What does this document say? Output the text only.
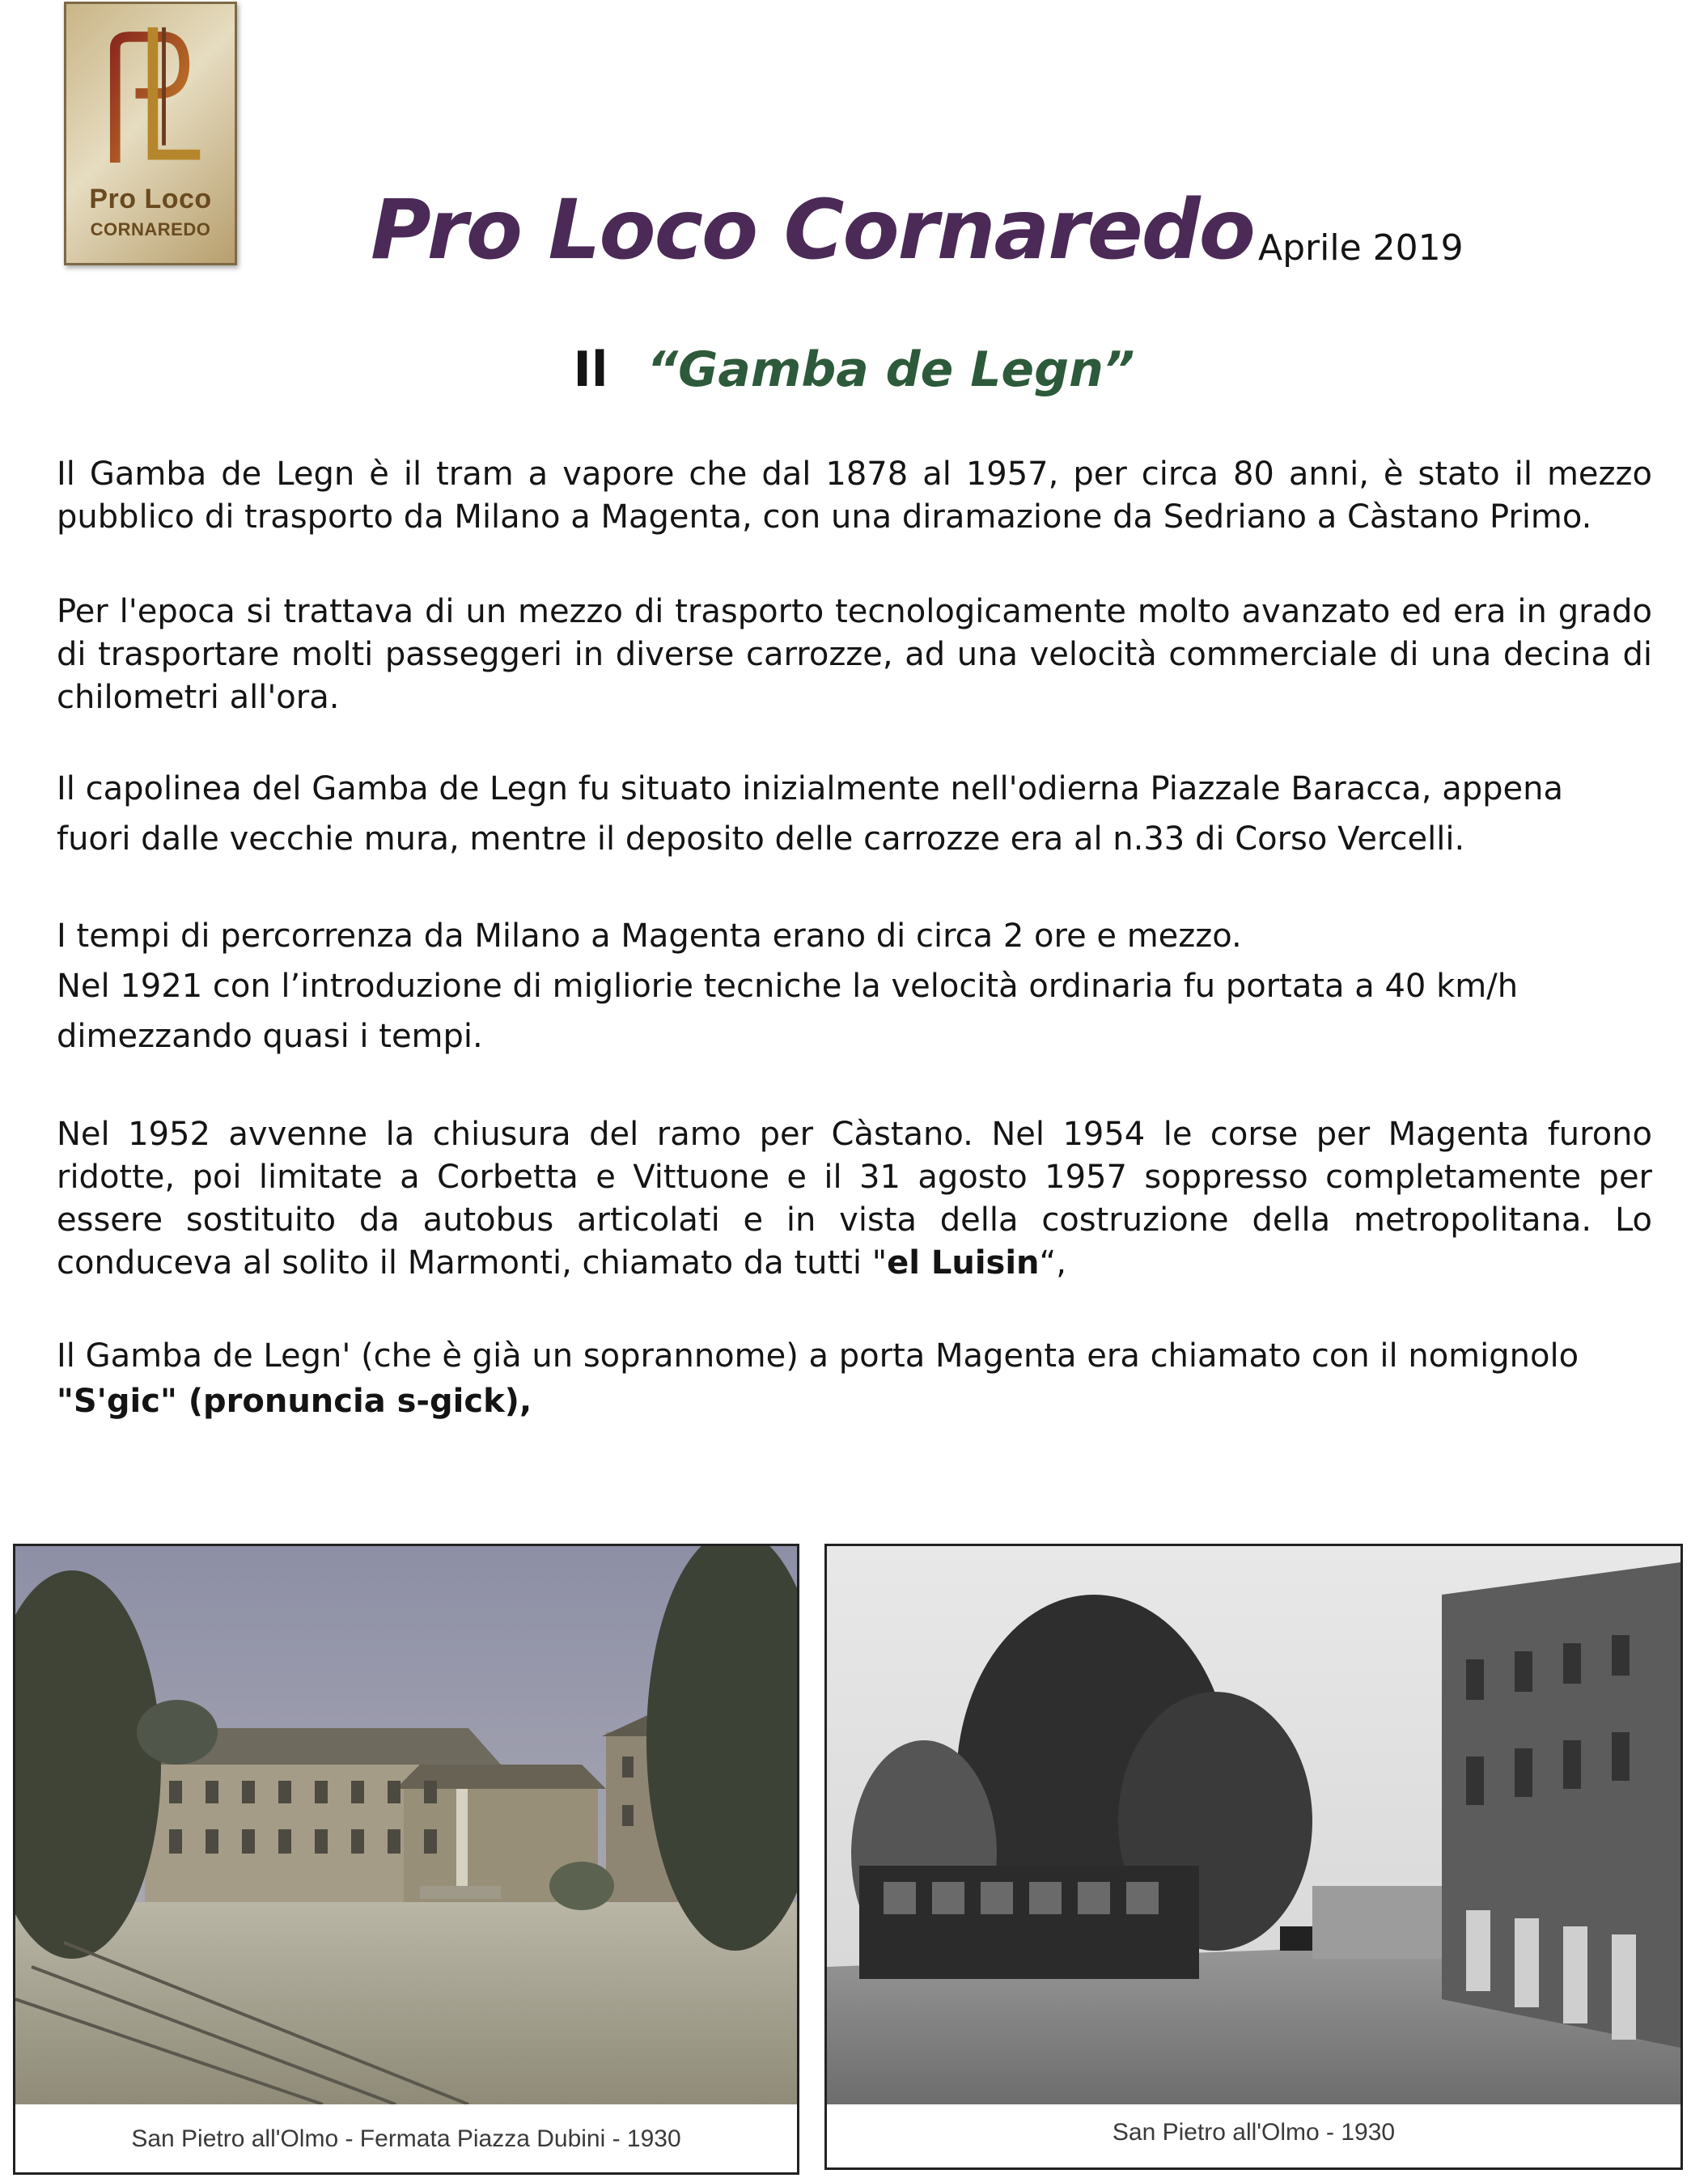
Pro Loco
CORNAREDO Pro Loco Cornaredo Aprile 2019
Il “Gamba de Legn”

Il Gamba de Legn è il tram a vapore che dal 1878 al 1957, per circa 80 anni, è stato il mezzo pubblico di trasporto da Milano a Magenta, con una diramazione da Sedriano a Càstano Primo.

Per l'epoca si trattava di un mezzo di trasporto tecnologicamente molto avanzato ed era in grado di trasportare molti passeggeri in diverse carrozze, ad una velocità commerciale di una decina di chilometri all'ora.

Il capolinea del Gamba de Legn fu situato inizialmente nell'odierna Piazzale Baracca, appena

fuori dalle vecchie mura, mentre il deposito delle carrozze era al n.33 di Corso Vercelli.

I tempi di percorrenza da Milano a Magenta erano di circa 2 ore e mezzo.

Nel 1921 con l’introduzione di migliorie tecniche la velocità ordinaria fu portata a 40 km/h

dimezzando quasi i tempi.

Nel 1952 avvenne la chiusura del ramo per Càstano. Nel 1954 le corse per Magenta furono ridotte, poi limitate a Corbetta e Vittuone e il 31 agosto 1957 soppresso completamente per essere sostituito da autobus articolati e in vista della costruzione della metropolitana. Lo conduceva al solito il Marmonti, chiamato da tutti "el Luisin“,

Il Gamba de Legn' (che è già un soprannome) a porta Magenta era chiamato con il nomignolo

"S'gic" (pronuncia s-gick),

San Pietro all'Olmo - Fermata Piazza Dubini - 1930	San Pietro all'Olmo - 1930
